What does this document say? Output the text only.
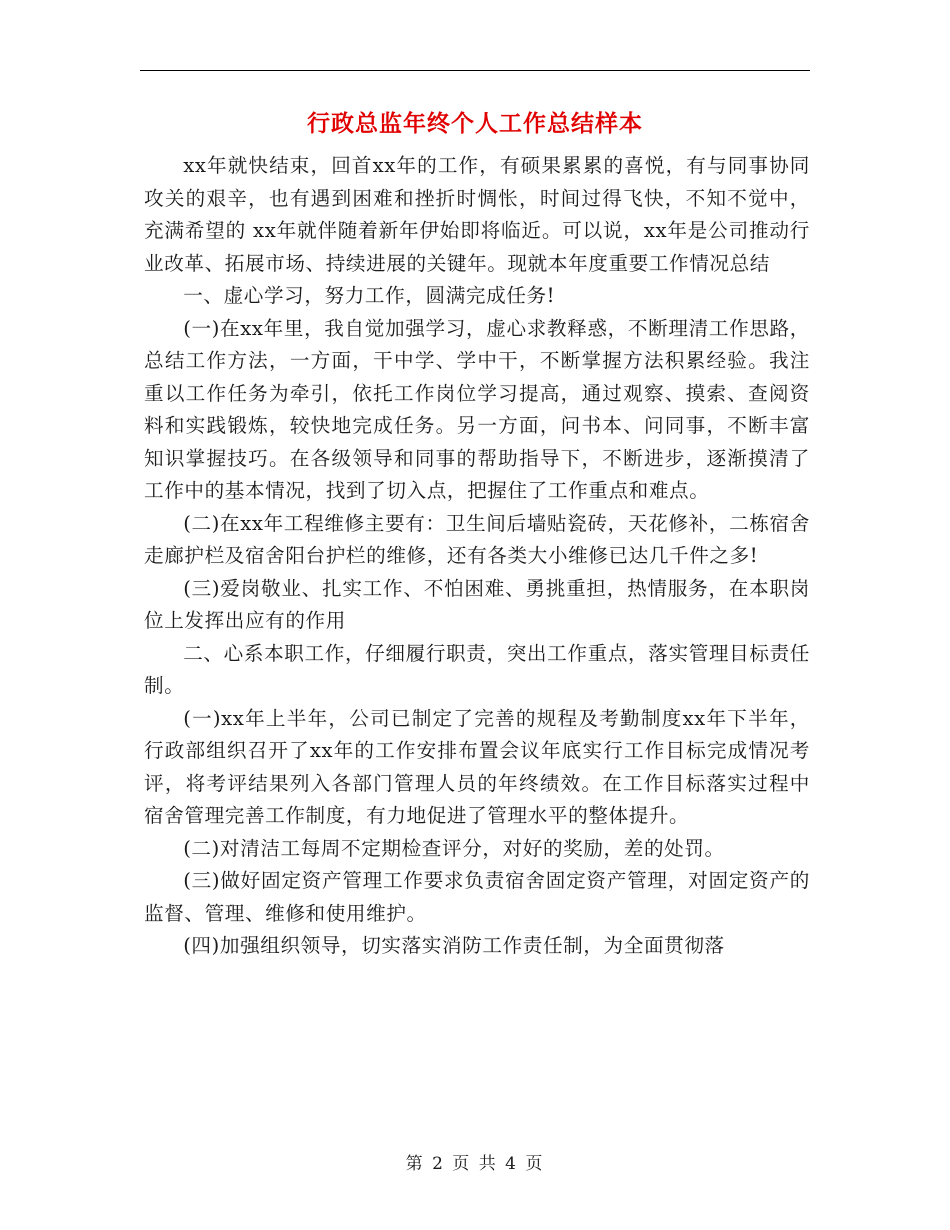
行政总监年终个人工作总结样本

xx年就快结束，回首xx年的工作，有硕果累累的喜悦，有与同事协同攻关的艰辛，也有遇到困难和挫折时惆怅，时间过得飞快，不知不觉中，充满希望的 xx年就伴随着新年伊始即将临近。可以说，xx年是公司推动行业改革、拓展市场、持续进展的关键年。现就本年度重要工作情况总结

一、虚心学习，努力工作，圆满完成任务!

(一)在xx年里，我自觉加强学习，虚心求教释惑，不断理清工作思路，总结工作方法，一方面，干中学、学中干，不断掌握方法积累经验。我注重以工作任务为牵引，依托工作岗位学习提高，通过观察、摸索、查阅资料和实践锻炼，较快地完成任务。另一方面，问书本、问同事，不断丰富知识掌握技巧。在各级领导和同事的帮助指导下，不断进步，逐渐摸清了工作中的基本情况，找到了切入点，把握住了工作重点和难点。

(二)在xx年工程维修主要有：卫生间后墙贴瓷砖，天花修补，二栋宿舍走廊护栏及宿舍阳台护栏的维修，还有各类大小维修已达几千件之多!

(三)爱岗敬业、扎实工作、不怕困难、勇挑重担，热情服务，在本职岗位上发挥出应有的作用

二、心系本职工作，仔细履行职责，突出工作重点，落实管理目标责任制。

(一)xx年上半年，公司已制定了完善的规程及考勤制度xx年下半年，行政部组织召开了xx年的工作安排布置会议年底实行工作目标完成情况考评，将考评结果列入各部门管理人员的年终绩效。在工作目标落实过程中宿舍管理完善工作制度，有力地促进了管理水平的整体提升。

(二)对清洁工每周不定期检查评分，对好的奖励，差的处罚。

(三)做好固定资产管理工作要求负责宿舍固定资产管理，对固定资产的监督、管理、维修和使用维护。

(四)加强组织领导，切实落实消防工作责任制，为全面贯彻落

第 2 页 共 4 页
